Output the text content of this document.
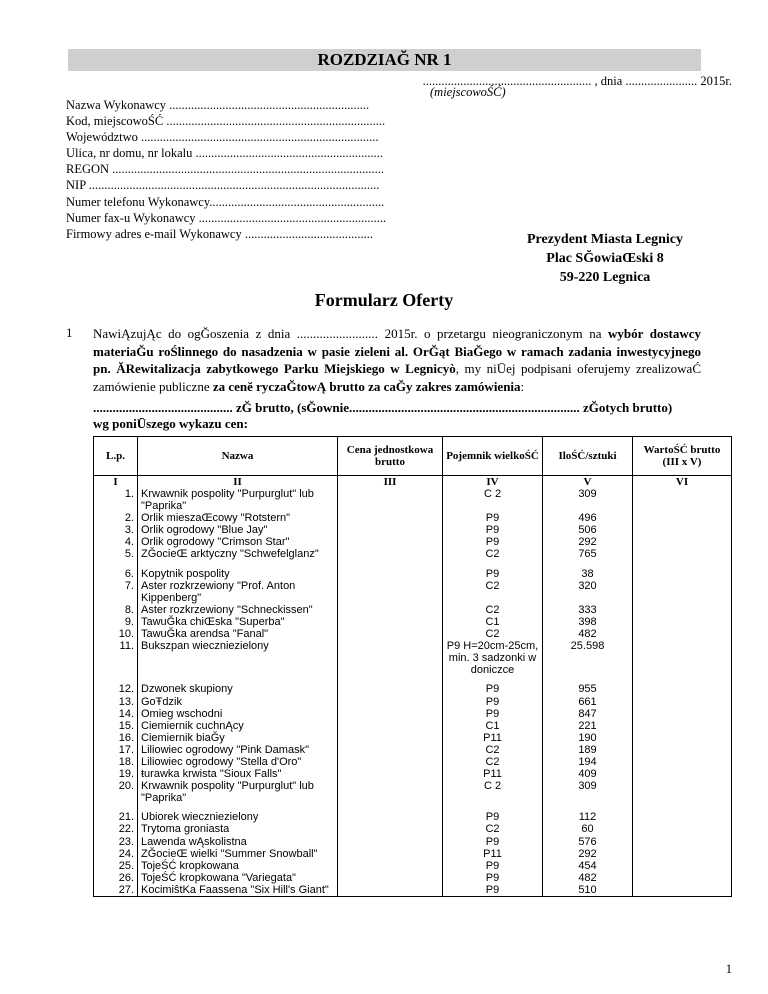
ROZDZIAĞ NR 1
...................................................... , dnia ....................... 2015r.
(miejscowoŚĆ)
Nazwa Wykonawcy ................................................................
Kod, miejscowoŚĆ ......................................................................
Województwo ............................................................................
Ulica, nr domu, nr lokalu ............................................................
REGON .......................................................................................
NIP .............................................................................................
Numer telefonu Wykonawcy........................................................
Numer fax-u Wykonawcy ............................................................
Firmowy adres e-mail Wykonawcy .........................................	Prezydent Miasta Legnicy
Plac SĞowiaŒski 8
59-220 Legnica
Formularz Oferty
1 NawiĄzujĄc do ogĞoszenia z dnia ......................... 2015r. o przetargu nieograniczonym na wybór dostawcy materiaĞu roŚlinnego do nasadzenia w pasie zieleni al. OrĞąt BiaĞego w ramach zadania inwestycyjnego pn. ĂRewitalizacja zabytkowego Parku Miejskiego w Legnicyò, my niŪej podpisani oferujemy zrealizowaĆ zamówienie publiczne za cenĕ ryczaĞtowĄ brutto za caĞy zakres zamówienia:
........................................... zĞ brutto, (sĞownie....................................................................... zĞotych brutto)
wg poniŪszego wykazu cen:
L.p.	Nazwa	Cena jednostkowa brutto	Pojemnik wielkoŚĆ	IloŚĆ/sztuki	WartoŚĆ brutto (III x V)
I	II	III	IV	V	VI
1.	Krwawnik pospolity "Purpurglut" lub "Paprika"		C 2	309	
2.	Orlik mieszaŒcowy "Rotstern"		P9	496	
3.	Orlik ogrodowy "Blue Jay"		P9	506	
4.	Orlik ogrodowy "Crimson Star"		P9	292	
5.	ZĞocieŒ arktyczny "Schwefelglanz"		C2	765	

6.	Kopytnik pospolity		P9	38	
7.	Aster rozkrzewiony "Prof. Anton Kippenberg"		C2	320	
8.	Aster rozkrzewiony "Schneckissen"		C2	333	
9.	TawuĞka chiŒska "Superba"		C1	398	
10.	TawuĞka arendsa "Fanal"		C2	482	
11.	Bukszpan wieczniezielony		P9 H=20cm-25cm, min. 3 sadzonki w doniczce	25.598	

12.	Dzwonek skupiony		P9	955	
13.	GoŦdzik		P9	661	
14.	Omieg wschodni		P9	847	
15.	Ciemiernik cuchnĄcy		C1	221	
16.	Ciemiernik biaĞy		P11	190	
17.	Liliowiec ogrodowy "Pink Damask"		C2	189	
18.	Liliowiec ogrodowy "Stella d'Oro"		C2	194	
19.	ŧurawka krwista "Sioux Falls"		P11	409	
20.	Krwawnik pospolity "Purpurglut" lub "Paprika"		C 2	309	

21.	Ubiorek wieczniezielony		P9	112	
22.	Trytoma groniasta		C2	60	
23.	Lawenda wĄskolistna		P9	576	
24.	ZĞocieŒ wielki "Summer Snowball"		P11	292	
25.	TojeŚĆ kropkowana		P9	454	
26.	TojeŚĆ kropkowana "Variegata"		P9	482	
27.	KocimiŝtKa Faassena "Six Hill's Giant"		P9	510	
1
